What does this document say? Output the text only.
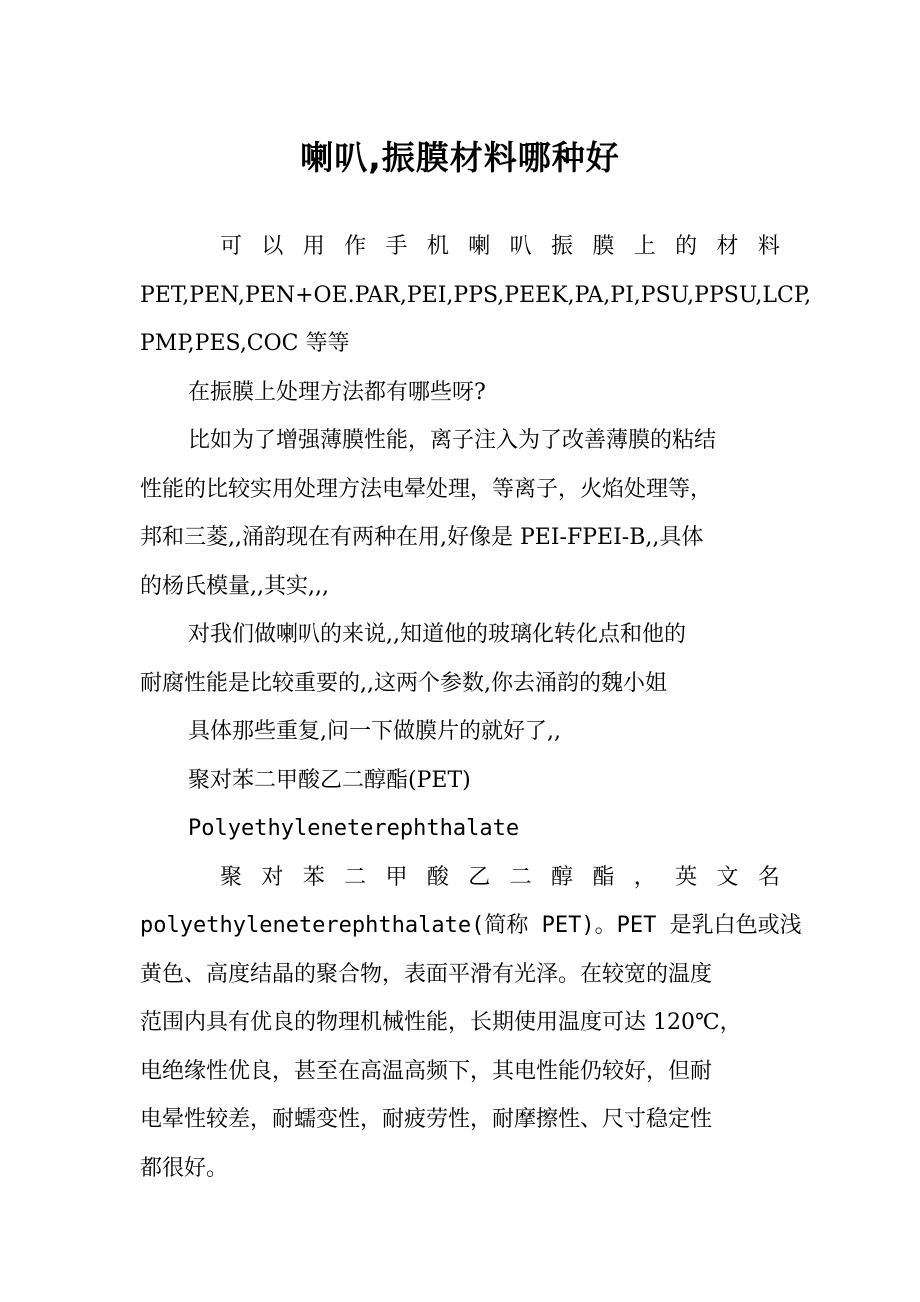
喇叭,振膜材料哪种好
可 以 用 作 手 机 喇 叭 振 膜 上 的 材 料
PET,PEN,PEN+OE.PAR,PEI,PPS,PEEK,PA,PI,PSU,PPSU,LCP,
PMP,PES,COC 等等
在振膜上处理方法都有哪些呀?
比如为了增强薄膜性能，离子注入为了改善薄膜的粘结
性能的比较实用处理方法电晕处理，等离子，火焰处理等，
邦和三菱,,涌韵现在有两种在用,好像是 PEI-FPEI-B,,具体
的杨氏模量,,其实,,,
对我们做喇叭的来说,,知道他的玻璃化转化点和他的
耐腐性能是比较重要的,,这两个参数,你去涌韵的魏小姐
具体那些重复,问一下做膜片的就好了,,
聚对苯二甲酸乙二醇酯(PET)
Polyethyleneterephthalate
聚 对 苯 二 甲 酸 乙 二 醇 酯 ， 英 文 名
polyethyleneterephthalate(简称 PET)。PET 是乳白色或浅
黄色、高度结晶的聚合物，表面平滑有光泽。在较宽的温度
范围内具有优良的物理机械性能，长期使用温度可达 120℃，
电绝缘性优良，甚至在高温高频下，其电性能仍较好，但耐
电晕性较差，耐蠕变性，耐疲劳性，耐摩擦性、尺寸稳定性
都很好。
